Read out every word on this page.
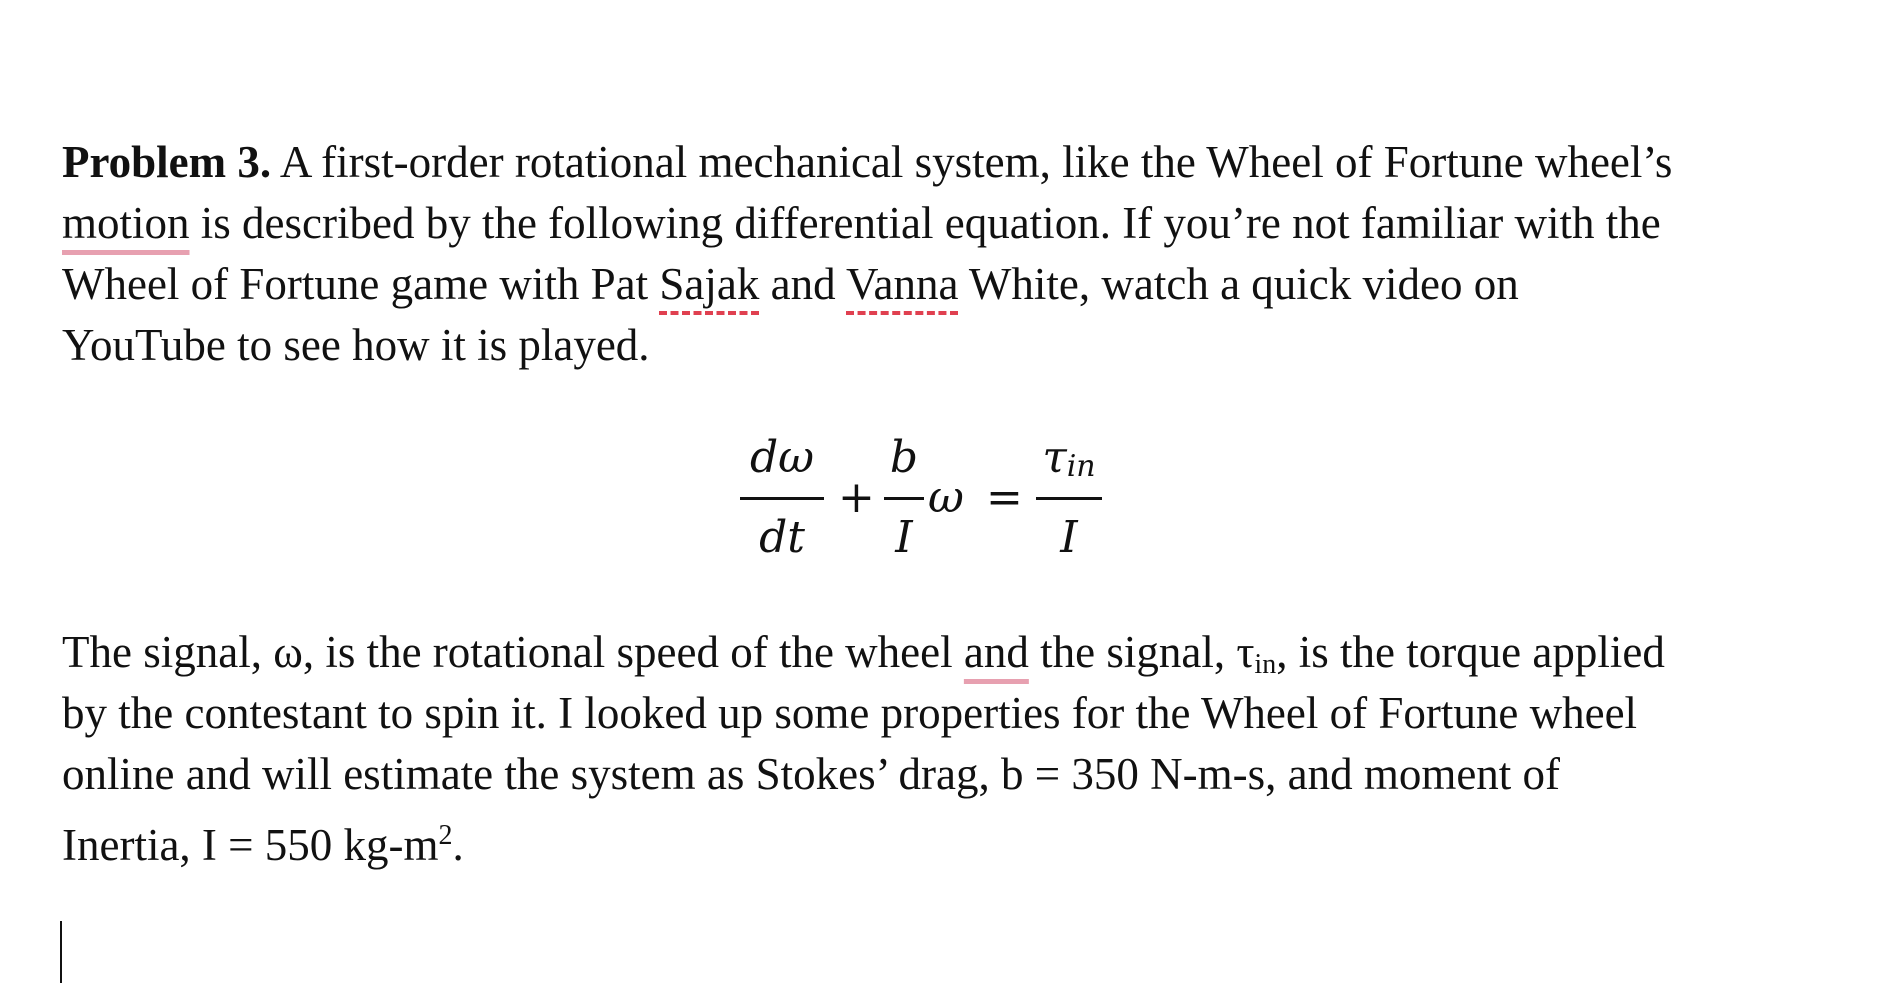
Problem 3. A first-order rotational mechanical system, like the Wheel of Fortune wheel’s
motion is described by the following differential equation. If you’re not familiar with the
Wheel of Fortune game with Pat Sajak and Vanna White, watch a quick video on
YouTube to see how it is played.

dω
dt
+
b
I
ω =
$\tau_{in}$
I

The signal, ω, is the rotational speed of the wheel and the signal, τin, is the torque applied
by the contestant to spin it. I looked up some properties for the Wheel of Fortune wheel
online and will estimate the system as Stokes’ drag, b = 350 N-m-s, and moment of
Inertia, I = 550 $kg-m^2$.
